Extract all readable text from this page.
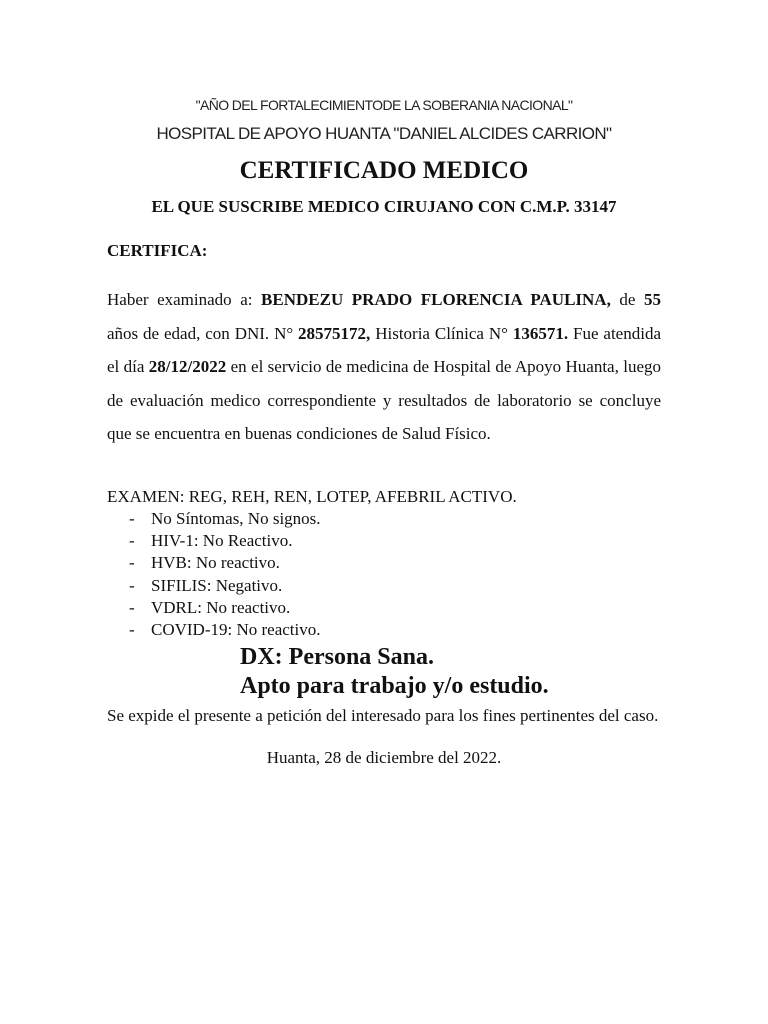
"AÑO DEL FORTALECIMIENTODE LA SOBERANIA NACIONAL"
HOSPITAL DE APOYO HUANTA "DANIEL ALCIDES CARRION"
CERTIFICADO MEDICO
EL QUE SUSCRIBE MEDICO CIRUJANO CON C.M.P. 33147
CERTIFICA:
Haber examinado a: BENDEZU PRADO FLORENCIA PAULINA, de 55 años de edad, con DNI. N° 28575172, Historia Clínica N° 136571. Fue atendida el día 28/12/2022 en el servicio de medicina de Hospital de Apoyo Huanta, luego de evaluación medico correspondiente y resultados de laboratorio se concluye que se encuentra en buenas condiciones de Salud Físico.
EXAMEN: REG, REH, REN, LOTEP, AFEBRIL ACTIVO.
- No Síntomas, No signos.
- HIV-1: No Reactivo.
- HVB: No reactivo.
- SIFILIS: Negativo.
- VDRL: No reactivo.
- COVID-19: No reactivo.
DX: Persona Sana.
Apto para trabajo y/o estudio.
Se expide el presente a petición del interesado para los fines pertinentes del caso.
Huanta, 28 de diciembre del 2022.
